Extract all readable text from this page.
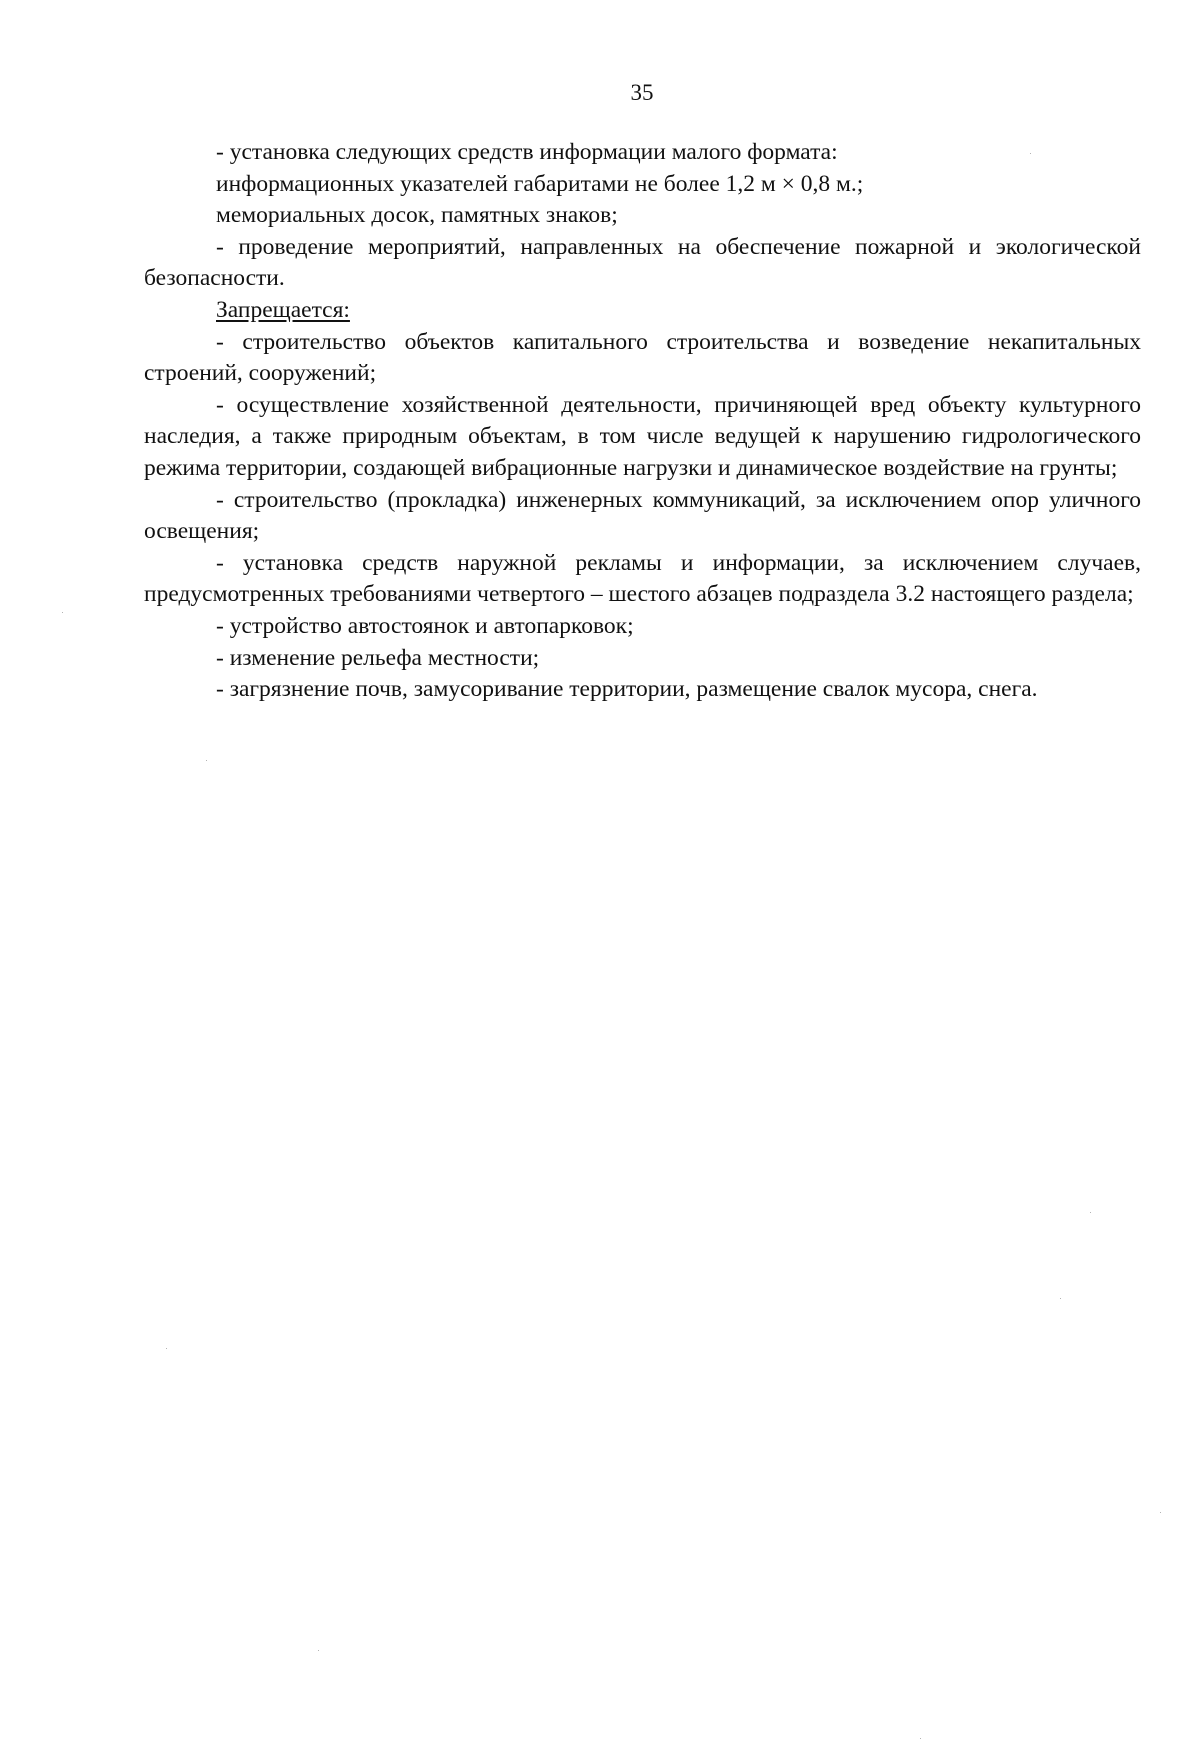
35

- установка следующих средств информации малого формата:

информационных указателей габаритами не более 1,2 м × 0,8 м.;

мемориальных досок, памятных знаков;

- проведение мероприятий, направленных на обеспечение пожарной и экологической безопасности.

Запрещается:

- строительство объектов капитального строительства и возведение некапитальных строений, сооружений;

- осуществление хозяйственной деятельности, причиняющей вред объекту культурного наследия, а также природным объектам, в том числе ведущей к нарушению гидрологического режима территории, создающей вибрационные нагрузки и динамическое воздействие на грунты;

- строительство (прокладка) инженерных коммуникаций, за исключением опор уличного освещения;

- установка средств наружной рекламы и информации, за исключением случаев, предусмотренных требованиями четвертого – шестого абзацев подраздела 3.2 настоящего раздела;

- устройство автостоянок и автопарковок;

- изменение рельефа местности;

- загрязнение почв, замусоривание территории, размещение свалок мусора, снега.
